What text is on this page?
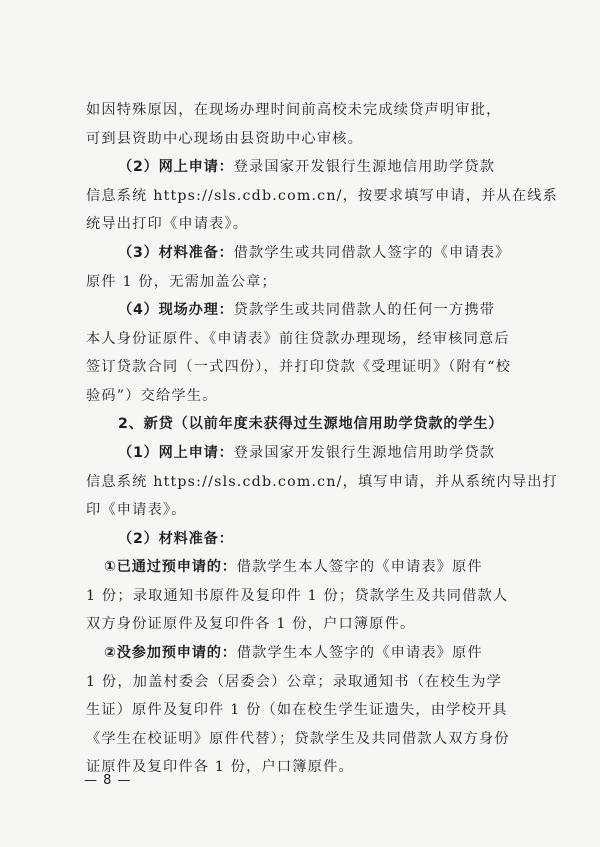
如因特殊原因，在现场办理时间前高校未完成续贷声明审批，
可到县资助中心现场由县资助中心审核。
（2）网上申请：登录国家开发银行生源地信用助学贷款
信息系统 https://sls.cdb.com.cn/，按要求填写申请，并从在线系
统导出打印《申请表》。
（3）材料准备：借款学生或共同借款人签字的《申请表》
原件 1 份，无需加盖公章；
（4）现场办理：贷款学生或共同借款人的任何一方携带
本人身份证原件、《申请表》前往贷款办理现场，经审核同意后
签订贷款合同（一式四份），并打印贷款《受理证明》（附有“校
验码”）交给学生。
2、新贷（以前年度未获得过生源地信用助学贷款的学生）
（1）网上申请：登录国家开发银行生源地信用助学贷款
信息系统 https://sls.cdb.com.cn/，填写申请，并从系统内导出打
印《申请表》。
（2）材料准备：
①已通过预申请的：借款学生本人签字的《申请表》原件
1 份；录取通知书原件及复印件 1 份；贷款学生及共同借款人
双方身份证原件及复印件各 1 份，户口簿原件。
②没参加预申请的：借款学生本人签字的《申请表》原件
1 份，加盖村委会（居委会）公章；录取通知书（在校生为学
生证）原件及复印件 1 份（如在校生学生证遗失，由学校开具
《学生在校证明》原件代替）；贷款学生及共同借款人双方身份
证原件及复印件各 1 份，户口簿原件。
— 8 —
